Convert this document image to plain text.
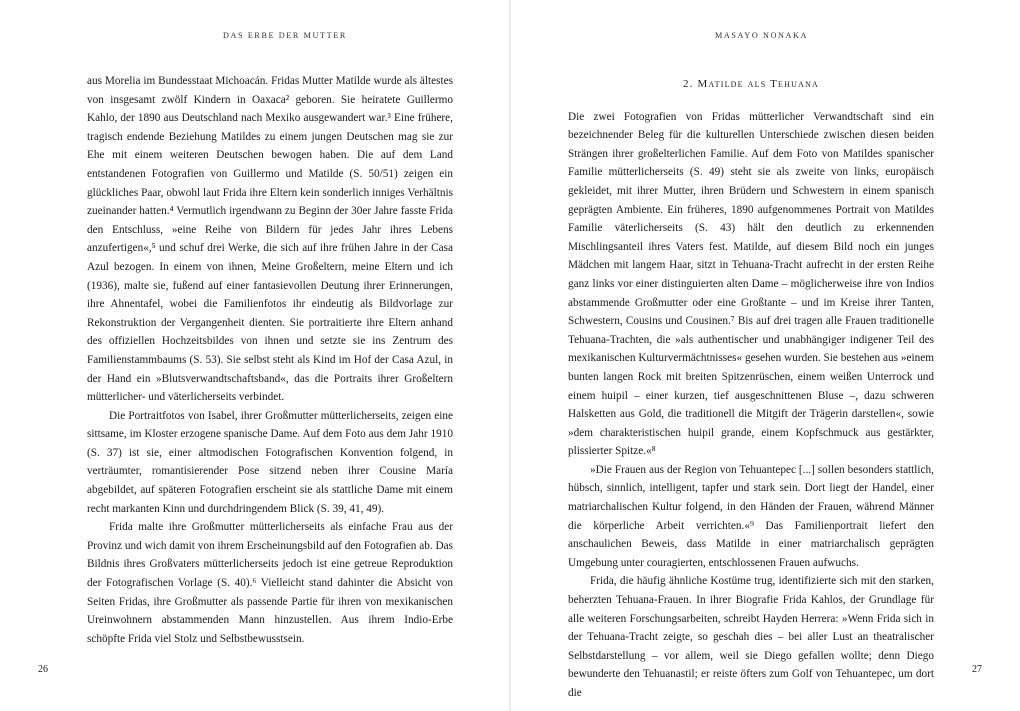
DAS ERBE DER MUTTER

aus Morelia im Bundesstaat Michoacán. Fridas Mutter Matilde wurde als ältestes von insgesamt zwölf Kindern in Oaxaca² geboren. Sie heiratete Guillermo Kahlo, der 1890 aus Deutschland nach Mexiko ausgewandert war.³ Eine frühere, tragisch endende Beziehung Matildes zu einem jungen Deutschen mag sie zur Ehe mit einem weiteren Deutschen bewogen haben. Die auf dem Land entstandenen Fotografien von Guillermo und Matilde (S. 50/51) zeigen ein glückliches Paar, obwohl laut Frida ihre Eltern kein sonderlich inniges Verhältnis zueinander hatten.⁴ Vermutlich irgendwann zu Beginn der 30er Jahre fasste Frida den Entschluss, »eine Reihe von Bildern für jedes Jahr ihres Lebens anzufertigen«,⁵ und schuf drei Werke, die sich auf ihre frühen Jahre in der Casa Azul bezogen. In einem von ihnen, Meine Großeltern, meine Eltern und ich (1936), malte sie, fußend auf einer fantasievollen Deutung ihrer Erinnerungen, ihre Ahnentafel, wobei die Familienfotos ihr eindeutig als Bildvorlage zur Rekonstruktion der Vergangenheit dienten. Sie portraitierte ihre Eltern anhand des offiziellen Hochzeitsbildes von ihnen und setzte sie ins Zentrum des Familienstammbaums (S. 53). Sie selbst steht als Kind im Hof der Casa Azul, in der Hand ein »Blutsverwandtschaftsband«, das die Portraits ihrer Großeltern mütterlicher- und väterlicherseits verbindet.

Die Portraitfotos von Isabel, ihrer Großmutter mütterlicherseits, zeigen eine sittsame, im Kloster erzogene spanische Dame. Auf dem Foto aus dem Jahr 1910 (S. 37) ist sie, einer altmodischen Fotografischen Konvention folgend, in verträumter, romantisierender Pose sitzend neben ihrer Cousine María abgebildet, auf späteren Fotografien erscheint sie als stattliche Dame mit einem recht markanten Kinn und durchdringendem Blick (S. 39, 41, 49).

Frida malte ihre Großmutter mütterlicherseits als einfache Frau aus der Provinz und wich damit von ihrem Erscheinungsbild auf den Fotografien ab. Das Bildnis ihres Großvaters mütterlicherseits jedoch ist eine getreue Reproduktion der Fotografischen Vorlage (S. 40).⁶ Vielleicht stand dahinter die Absicht von Seiten Fridas, ihre Großmutter als passende Partie für ihren von mexikanischen Ureinwohnern abstammenden Mann hinzustellen. Aus ihrem Indio-Erbe schöpfte Frida viel Stolz und Selbstbewusstsein.

26
MASAYO NONAKA
2. Matilde als Tehuana

Die zwei Fotografien von Fridas mütterlicher Verwandtschaft sind ein bezeichnender Beleg für die kulturellen Unterschiede zwischen diesen beiden Strängen ihrer großelterlichen Familie. Auf dem Foto von Matildes spanischer Familie mütterlicherseits (S. 49) steht sie als zweite von links, europäisch gekleidet, mit ihrer Mutter, ihren Brüdern und Schwestern in einem spanisch geprägten Ambiente. Ein früheres, 1890 aufgenommenes Portrait von Matildes Familie väterlicherseits (S. 43) hält den deutlich zu erkennenden Mischlingsanteil ihres Vaters fest. Matilde, auf diesem Bild noch ein junges Mädchen mit langem Haar, sitzt in Tehuana-Tracht aufrecht in der ersten Reihe ganz links vor einer distinguierten alten Dame – möglicherweise ihre von Indios abstammende Großmutter oder eine Großtante – und im Kreise ihrer Tanten, Schwestern, Cousins und Cousinen.⁷ Bis auf drei tragen alle Frauen traditionelle Tehuana-Trachten, die »als authentischer und unabhängiger indigener Teil des mexikanischen Kulturvermächtnisses« gesehen wurden. Sie bestehen aus »einem bunten langen Rock mit breiten Spitzenrüschen, einem weißen Unterrock und einem huipil – einer kurzen, tief ausgeschnittenen Bluse –, dazu schweren Halsketten aus Gold, die traditionell die Mitgift der Trägerin darstellen«, sowie »dem charakteristischen huipil grande, einem Kopfschmuck aus gestärkter, plissierter Spitze.«⁸

»Die Frauen aus der Region von Tehuantepec [...] sollen besonders stattlich, hübsch, sinnlich, intelligent, tapfer und stark sein. Dort liegt der Handel, einer matriarchalischen Kultur folgend, in den Händen der Frauen, während Männer die körperliche Arbeit verrichten.«⁹ Das Familienportrait liefert den anschaulichen Beweis, dass Matilde in einer matriarchalisch geprägten Umgebung unter couragierten, entschlossenen Frauen aufwuchs.

Frida, die häufig ähnliche Kostüme trug, identifizierte sich mit den starken, beherzten Tehuana-Frauen. In ihrer Biografie Frida Kahlos, der Grundlage für alle weiteren Forschungsarbeiten, schreibt Hayden Herrera: »Wenn Frida sich in der Tehuana-Tracht zeigte, so geschah dies – bei aller Lust an theatralischer Selbstdarstellung – vor allem, weil sie Diego gefallen wollte; denn Diego bewunderte den Tehuanastil; er reiste öfters zum Golf von Tehuantepec, um dort die

27
